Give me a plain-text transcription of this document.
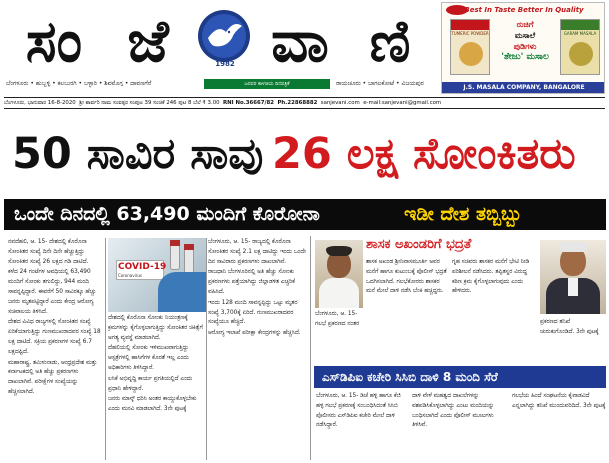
ಸಂ ಜೆ	1982 ವಾ ಣಿ
ಬೆಂಗಳೂರು • ಹುಬ್ಬಳ್ಳಿ • ಕಲಬುರಗಿ • ಬಳ್ಳಾರಿ • ಶಿವಮೊಗ್ಗ • ದಾವಣಗೆರೆ	ಜನಪರ ಕಾಳಜಿಯ ದಿನಪತ್ರಿಕೆ	ರಾಯಚೂರು • ಬಾಗಲಕೋಟೆ • ವಿಜಯಪುರ
Best In Taste Better In Quality
TUMERIC POWDER
ರುಚಿಗೆ
ಮಸಾಲೆ
ಪುಡಿಗಳು
'ತೇಜು' ಮಸಾಲ
GARAM MASALA
J.S. MASALA COMPANY, BANGALORE
ಬೆಂಗಳೂರು, ಭಾನುವಾರ 16-8-2020 ಶ್ರೀ ಶಾರ್ವರಿ ನಾಮ ಸಂವತ್ಸರ ಸಂಪುಟ 39 ಸಂಚಿಕೆ 246 ಪುಟ 8 ಬೆಲೆ ₹ 3.00 RNI No.36667/82 Ph.22868882 sanjevani.com e-mail:sanjevani@gmail.com
50 ಸಾವಿರ ಸಾವು 26 ಲಕ್ಷ ಸೋಂಕಿತರು
ಒಂದೇ ದಿನದಲ್ಲಿ 63,490 ಮಂದಿಗೆ ಕೊರೋನಾ	ಇಡೀ ದೇಶ ತಬ್ಬಿಬ್ಬು

ನವದೆಹಲಿ, ಆ. 15- ದೇಶದಲ್ಲಿ ಕೊರೊನಾ ಸೋಂಕಿತರ ಸಂಖ್ಯೆ ದಿನೇ ದಿನೇ ಹೆಚ್ಚುತ್ತಿದ್ದು ಸೋಂಕಿತರ ಸಂಖ್ಯೆ 26 ಲಕ್ಷದ ಗಡಿ ದಾಟಿದೆ.

ಕಳೆದ 24 ಗಂಟೆಗಳ ಅವಧಿಯಲ್ಲಿ 63,490 ಮಂದಿಗೆ ಸೋಂಕು ತಗುಲಿದ್ದು, 944 ಮಂದಿ ಸಾವನ್ನಪ್ಪಿದ್ದಾರೆ. ಈವರೆಗೆ 50 ಸಾವಿರಕ್ಕೂ ಹೆಚ್ಚು ಜನರು ಮೃತಪಟ್ಟಿದ್ದಾರೆ ಎಂದು ಕೇಂದ್ರ ಆರೋಗ್ಯ ಸಚಿವಾಲಯ ತಿಳಿಸಿದೆ.

ದೇಶದ ವಿವಿಧ ರಾಜ್ಯಗಳಲ್ಲಿ ಸೋಂಕಿತರ ಸಂಖ್ಯೆ ಏರಿಕೆಯಾಗುತ್ತಿದ್ದು ಗುಣಮುಖರಾದವರ ಸಂಖ್ಯೆ 18 ಲಕ್ಷ ದಾಟಿದೆ. ಸಕ್ರಿಯ ಪ್ರಕರಣಗಳ ಸಂಖ್ಯೆ 6.7 ಲಕ್ಷದಷ್ಟಿದೆ.

ಮಹಾರಾಷ್ಟ್ರ, ತಮಿಳುನಾಡು, ಆಂಧ್ರಪ್ರದೇಶ ಮತ್ತು ಕರ್ನಾಟಕದಲ್ಲಿ ಅತಿ ಹೆಚ್ಚು ಪ್ರಕರಣಗಳು ದಾಖಲಾಗಿವೆ. ಪರೀಕ್ಷೆಗಳ ಸಂಖ್ಯೆಯನ್ನು ಹೆಚ್ಚಿಸಲಾಗಿದೆ.

Coronavirus
COVID-19

ದೇಶದಲ್ಲಿ ಕೊರೊನಾ ಸೋಂಕು ನಿಯಂತ್ರಣಕ್ಕೆ ಕ್ರಮಗಳನ್ನು ಕೈಗೊಳ್ಳಲಾಗುತ್ತಿದ್ದು ಸೋಂಕಿತರ ಚಿಕಿತ್ಸೆಗೆ ಅಗತ್ಯ ವ್ಯವಸ್ಥೆ ಮಾಡಲಾಗಿದೆ.

ದೆಹಲಿಯಲ್ಲಿ ಸೋಂಕು ಇಳಿಮುಖವಾಗುತ್ತಿದ್ದು ಆಸ್ಪತ್ರೆಗಳಲ್ಲಿ ಹಾಸಿಗೆಗಳ ಕೊರತೆ ಇಲ್ಲ ಎಂದು ಅಧಿಕಾರಿಗಳು ತಿಳಿಸಿದ್ದಾರೆ.

ಲಸಿಕೆ ಅಭಿವೃದ್ಧಿ ಕಾರ್ಯ ಪ್ರಗತಿಯಲ್ಲಿದೆ ಎಂದು ಪ್ರಧಾನಿ ಹೇಳಿದ್ದಾರೆ.

ಜನರು ಮಾಸ್ಕ್ ಧರಿಸಿ ಅಂತರ ಕಾಯ್ದುಕೊಳ್ಳಬೇಕು ಎಂದು ಮನವಿ ಮಾಡಲಾಗಿದೆ. 3ನೇ ಪುಟಕ್ಕೆ

ಬೆಂಗಳೂರು, ಆ. 15- ರಾಜ್ಯದಲ್ಲಿ ಕೊರೊನಾ ಸೋಂಕಿತರ ಸಂಖ್ಯೆ 2.1 ಲಕ್ಷ ದಾಟಿದ್ದು ಇಂದು ಒಂದೇ ದಿನ ಸಾವಿರಾರು ಪ್ರಕರಣಗಳು ದಾಖಲಾಗಿವೆ.

ರಾಜಧಾನಿ ಬೆಂಗಳೂರಿನಲ್ಲಿ ಅತಿ ಹೆಚ್ಚು ಸೋಂಕು ಪ್ರಕರಣಗಳು ಪತ್ತೆಯಾಗಿದ್ದು ಜಿಲ್ಲಾಡಳಿತ ಎಚ್ಚರಿಕೆ ವಹಿಸಿದೆ.

ಇಂದು 128 ಮಂದಿ ಸಾವನ್ನಪ್ಪಿದ್ದು ಒಟ್ಟು ಮೃತರ ಸಂಖ್ಯೆ 3,700ಕ್ಕೆ ಏರಿದೆ. ಗುಣಮುಖರಾದವರ ಸಂಖ್ಯೆಯೂ ಹೆಚ್ಚಿದೆ.

ಆರೋಗ್ಯ ಇಲಾಖೆ ಪರೀಕ್ಷಾ ಕೇಂದ್ರಗಳನ್ನು ಹೆಚ್ಚಿಸಿದೆ.

ಶಾಸಕ ಅಖಂಡರಿಗೆ ಭದ್ರತೆ
ಬೆಂಗಳೂರು, ಆ. 15- ಗಲಭೆ ಪ್ರಕರಣದ ನಂತರ
ಶಾಸಕ ಅಖಂಡ ಶ್ರೀನಿವಾಸಮೂರ್ತಿ ಅವರ ಮನೆಗೆ ಹಾಗೂ ಕುಟುಂಬಕ್ಕೆ ಪೊಲೀಸ್ ಭದ್ರತೆ ಒದಗಿಸಲಾಗಿದೆ. ಗಲಭೆಕೋರರು ಶಾಸಕರ ಮನೆ ಮೇಲೆ ದಾಳಿ ನಡೆಸಿ ಬೆಂಕಿ ಹಚ್ಚಿದ್ದರು.
ಗೃಹ ಸಚಿವರು ಶಾಸಕರ ಮನೆಗೆ ಭೇಟಿ ನೀಡಿ ಪರಿಶೀಲನೆ ನಡೆಸಿದರು. ತಪ್ಪಿತಸ್ಥರ ವಿರುದ್ಧ ಕಠಿಣ ಕ್ರಮ ಕೈಗೊಳ್ಳಲಾಗುವುದು ಎಂದು ಹೇಳಿದರು.
ಪ್ರಕರಣದ ತನಿಖೆ ಚುರುಕುಗೊಂಡಿದೆ. 3ನೇ ಪುಟಕ್ಕೆ
ಎಸ್‌ಡಿಪಿಐ ಕಚೇರಿ ಸಿಸಿಬಿ ದಾಳಿ 8 ಮಂದಿ ಸೆರೆ
ಬೆಂಗಳೂರು, ಆ. 15- ಡಿಜೆ ಹಳ್ಳಿ ಹಾಗೂ ಕೆಜಿ ಹಳ್ಳಿ ಗಲಭೆ ಪ್ರಕರಣಕ್ಕೆ ಸಂಬಂಧಿಸಿದಂತೆ ಸಿಸಿಬಿ ಪೊಲೀಸರು ಎಸ್‌ಡಿಪಿಐ ಕಚೇರಿ ಮೇಲೆ ದಾಳಿ ನಡೆಸಿದ್ದಾರೆ.
ದಾಳಿ ವೇಳೆ ಮಹತ್ವದ ದಾಖಲೆಗಳನ್ನು ವಶಪಡಿಸಿಕೊಳ್ಳಲಾಗಿದ್ದು ಎಂಟು ಮಂದಿಯನ್ನು ಬಂಧಿಸಲಾಗಿದೆ ಎಂದು ಪೊಲೀಸ್ ಮೂಲಗಳು ತಿಳಿಸಿವೆ.
ಗಲಭೆಯ ಹಿಂದೆ ಸಂಘಟನೆಯ ಕೈವಾಡವಿದೆ ಎನ್ನಲಾಗಿದ್ದು ತನಿಖೆ ಮುಂದುವರಿದಿದೆ. 3ನೇ ಪುಟಕ್ಕೆ
